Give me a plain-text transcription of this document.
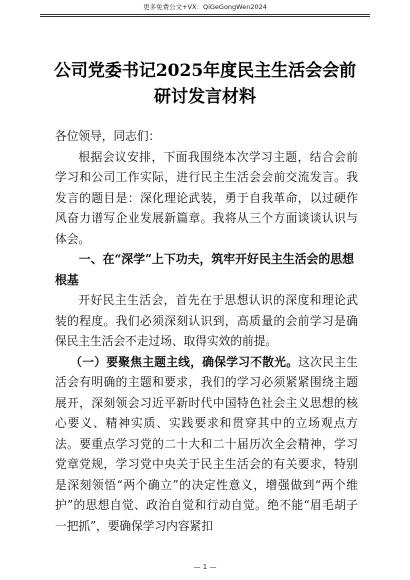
更多免费公文+VX：QiGeGongWen2024
公司党委书记2025年度民主生活会会前
研讨发言材料

各位领导，同志们：

根据会议安排，下面我围绕本次学习主题，结合会前学习和公司工作实际，进行民主生活会会前交流发言。我发言的题目是：深化理论武装，勇于自我革命，以过硬作风奋力谱写企业发展新篇章。我将从三个方面谈谈认识与体会。

一、在“深学”上下功夫，筑牢开好民主生活会的思想根基

开好民主生活会，首先在于思想认识的深度和理论武装的程度。我们必须深刻认识到，高质量的会前学习是确保民主生活会不走过场、取得实效的前提。

（一）要聚焦主题主线，确保学习不散光。这次民主生活会有明确的主题和要求，我们的学习必须紧紧围绕主题展开，深刻领会习近平新时代中国特色社会主义思想的核心要义、精神实质、实践要求和贯穿其中的立场观点方法。要重点学习党的二十大和二十届历次全会精神，学习党章党规，学习党中央关于民主生活会的有关要求，特别是深刻领悟“两个确立”的决定性意义，增强做到“两个维护”的思想自觉、政治自觉和行动自觉。绝不能“眉毛胡子一把抓”，要确保学习内容紧扣

— 1 —
